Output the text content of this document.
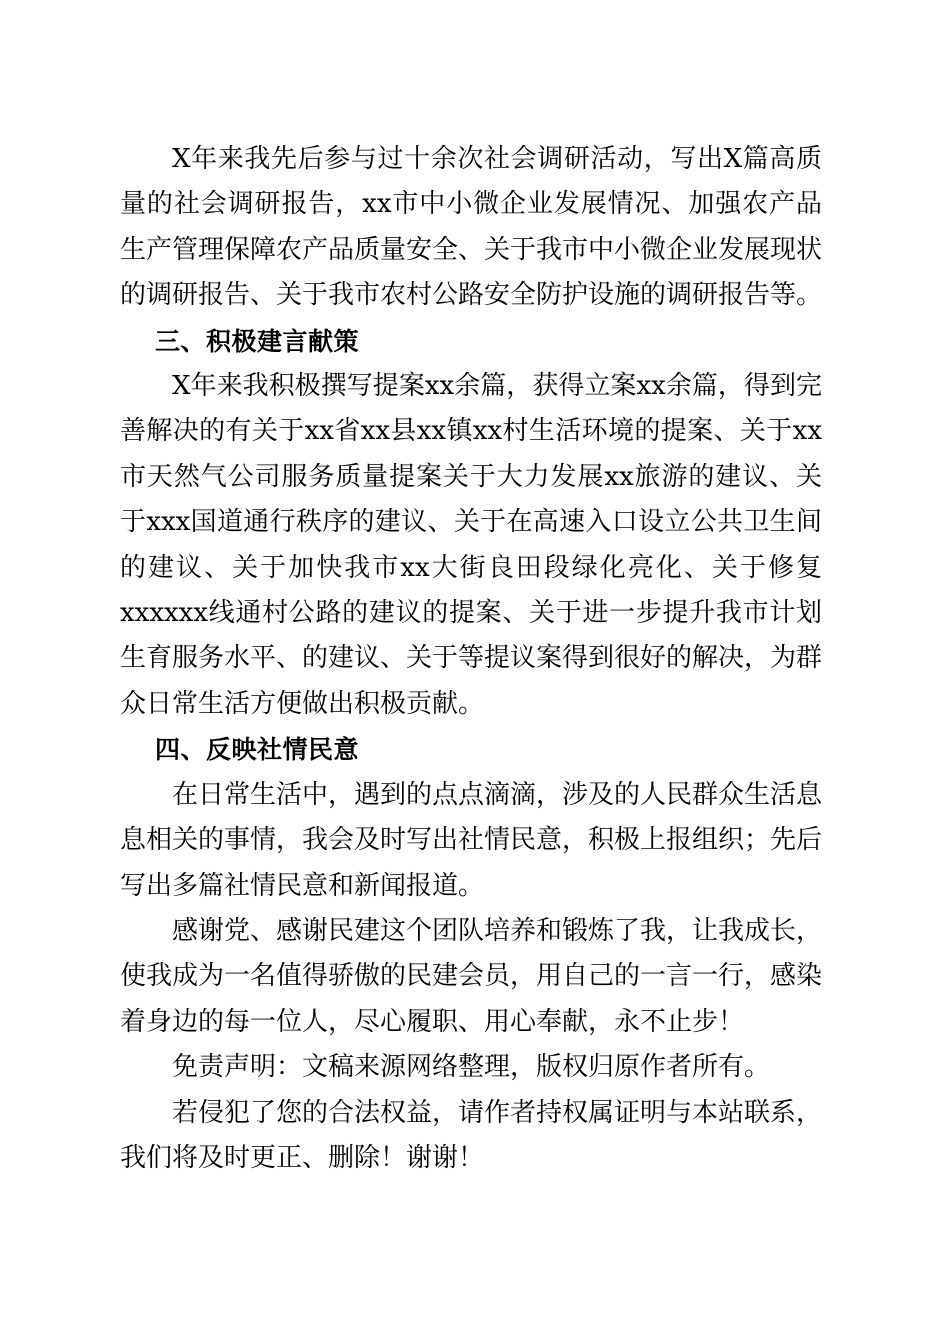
X年来我先后参与过十余次社会调研活动，写出X篇高质量的社会调研报告，xx市中小微企业发展情况、加强农产品生产管理保障农产品质量安全、关于我市中小微企业发展现状的调研报告、关于我市农村公路安全防护设施的调研报告等。

三、积极建言献策

X年来我积极撰写提案xx余篇，获得立案xx余篇，得到完善解决的有关于xx省xx县xx镇xx村生活环境的提案、关于xx市天然气公司服务质量提案关于大力发展xx旅游的建议、关于xxx国道通行秩序的建议、关于在高速入口设立公共卫生间的建议、关于加快我市xx大街良田段绿化亮化、关于修复xxxxxx线通村公路的建议的提案、关于进一步提升我市计划生育服务水平、的建议、关于等提议案得到很好的解决，为群众日常生活方便做出积极贡献。

四、反映社情民意

在日常生活中，遇到的点点滴滴，涉及的人民群众生活息息相关的事情，我会及时写出社情民意，积极上报组织；先后写出多篇社情民意和新闻报道。

感谢党、感谢民建这个团队培养和锻炼了我，让我成长，使我成为一名值得骄傲的民建会员，用自己的一言一行，感染着身边的每一位人，尽心履职、用心奉献，永不止步！

免责声明：文稿来源网络整理，版权归原作者所有。

若侵犯了您的合法权益，请作者持权属证明与本站联系，我们将及时更正、删除！谢谢！
